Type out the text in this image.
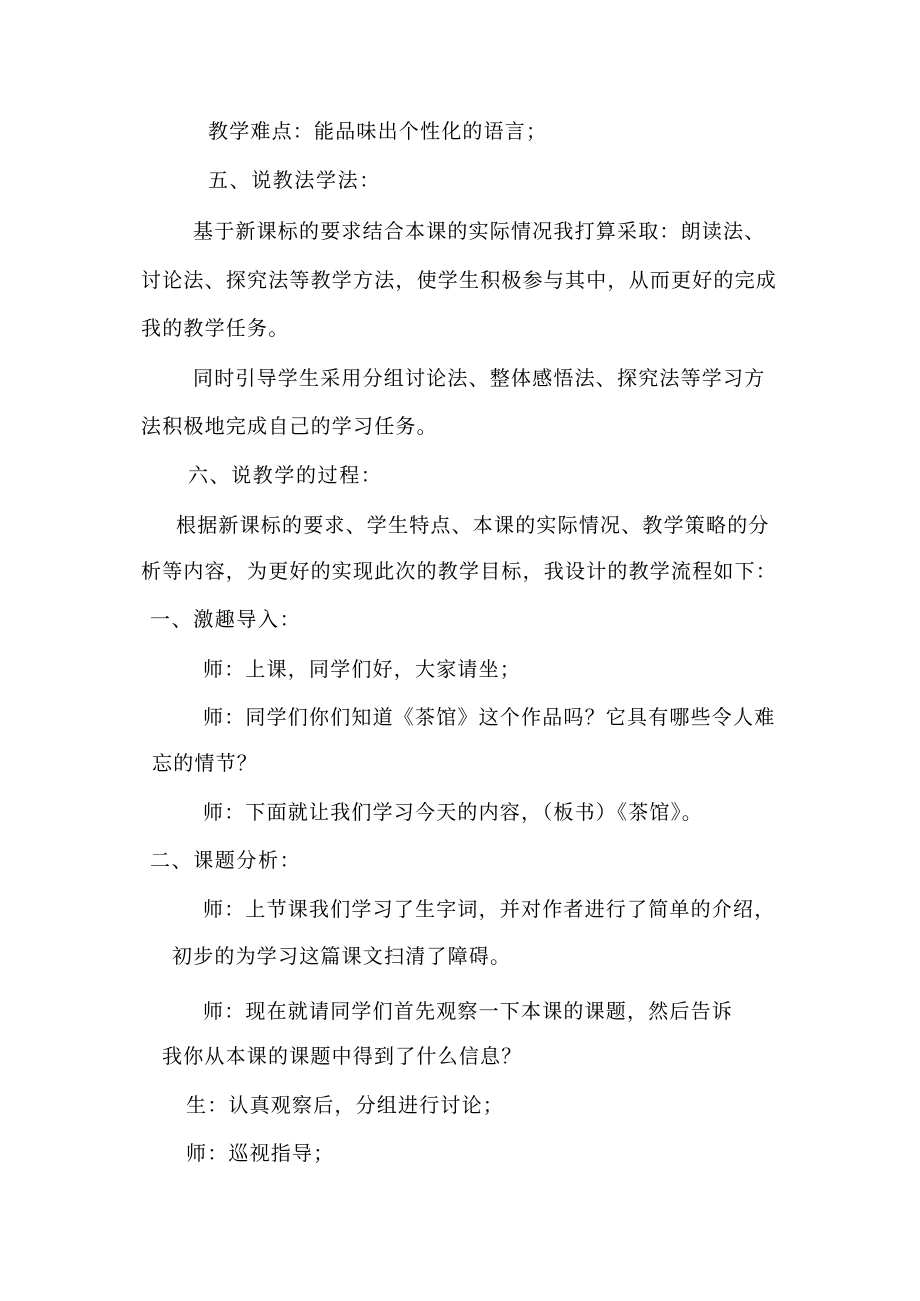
教学难点：能品味出个性化的语言；
五、说教法学法：
基于新课标的要求结合本课的实际情况我打算采取：朗读法、
讨论法、探究法等教学方法，使学生积极参与其中，从而更好的完成
我的教学任务。
同时引导学生采用分组讨论法、整体感悟法、探究法等学习方
法积极地完成自己的学习任务。
六、说教学的过程：
根据新课标的要求、学生特点、本课的实际情况、教学策略的分
析等内容，为更好的实现此次的教学目标，我设计的教学流程如下：
一、激趣导入：
师：上课，同学们好，大家请坐；
师：同学们你们知道《茶馆》这个作品吗？它具有哪些令人难
忘的情节？
师：下面就让我们学习今天的内容，（板书）《茶馆》。
二、课题分析：
师：上节课我们学习了生字词，并对作者进行了简单的介绍，
初步的为学习这篇课文扫清了障碍。
师：现在就请同学们首先观察一下本课的课题，然后告诉
我你从本课的课题中得到了什么信息？
生：认真观察后，分组进行讨论；
师：巡视指导；
